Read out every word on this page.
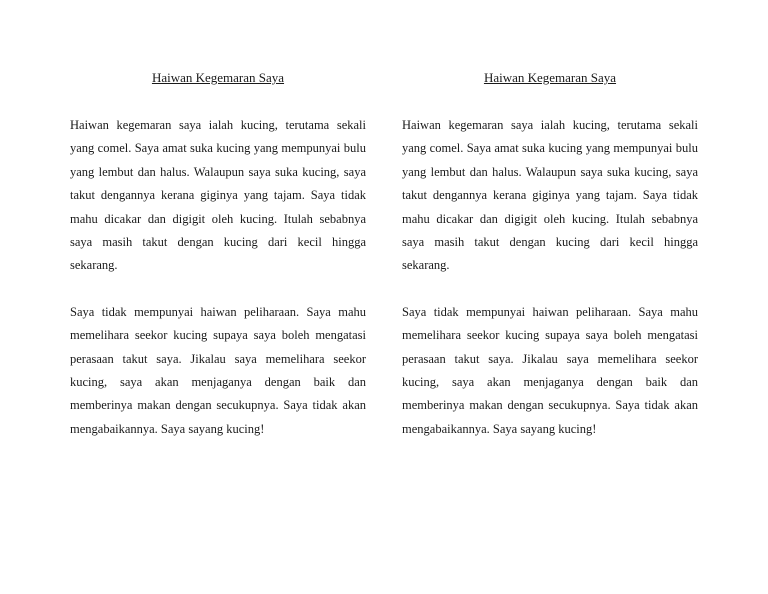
Haiwan Kegemaran Saya

Haiwan kegemaran saya ialah kucing, terutama sekali yang comel. Saya amat suka kucing yang mempunyai bulu yang lembut dan halus. Walaupun saya suka kucing, saya takut dengannya kerana giginya yang tajam. Saya tidak mahu dicakar dan digigit oleh kucing. Itulah sebabnya saya masih takut dengan kucing dari kecil hingga sekarang.

Saya tidak mempunyai haiwan peliharaan. Saya mahu memelihara seekor kucing supaya saya boleh mengatasi perasaan takut saya. Jikalau saya memelihara seekor kucing, saya akan menjaganya dengan baik dan memberinya makan dengan secukupnya. Saya tidak akan mengabaikannya. Saya sayang kucing!

Haiwan Kegemaran Saya

Haiwan kegemaran saya ialah kucing, terutama sekali yang comel. Saya amat suka kucing yang mempunyai bulu yang lembut dan halus. Walaupun saya suka kucing, saya takut dengannya kerana giginya yang tajam. Saya tidak mahu dicakar dan digigit oleh kucing. Itulah sebabnya saya masih takut dengan kucing dari kecil hingga sekarang.

Saya tidak mempunyai haiwan peliharaan. Saya mahu memelihara seekor kucing supaya saya boleh mengatasi perasaan takut saya. Jikalau saya memelihara seekor kucing, saya akan menjaganya dengan baik dan memberinya makan dengan secukupnya. Saya tidak akan mengabaikannya. Saya sayang kucing!
